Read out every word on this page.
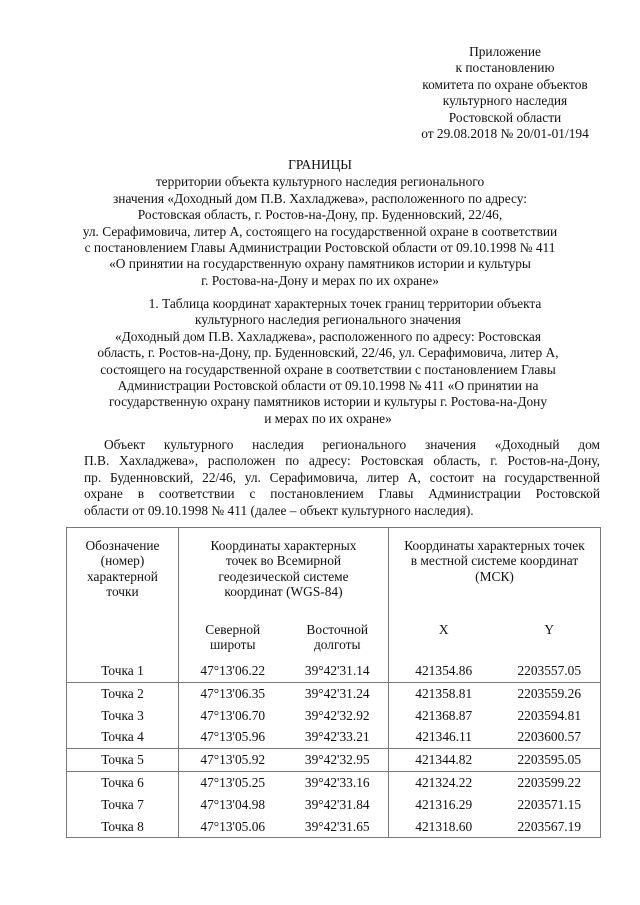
Приложение
к постановлению
комитета по охране объектов
культурного наследия
Ростовской области
от 29.08.2018 № 20/01-01/194
ГРАНИЦЫ
территории объекта культурного наследия регионального
значения «Доходный дом П.В. Хахладжева», расположенного по адресу:
Ростовская область, г. Ростов-на-Дону, пр. Буденновский, 22/46,
ул. Серафимовича, литер А, состоящего на государственной охране в соответствии
с постановлением Главы Администрации Ростовской области от 09.10.1998 № 411
«О принятии на государственную охрану памятников истории и культуры
г. Ростова-на-Дону и мерах по их охране»
1. Таблица координат характерных точек границ территории объекта
культурного наследия регионального значения
«Доходный дом П.В. Хахладжева», расположенного по адресу: Ростовская
область, г. Ростов-на-Дону, пр. Буденновский, 22/46, ул. Серафимовича, литер А,
состоящего на государственной охране в соответствии с постановлением Главы
Администрации Ростовской области от 09.10.1998 № 411 «О принятии на
государственную охрану памятников истории и культуры г. Ростова-на-Дону
и мерах по их охране»
Объект культурного наследия регионального значения «Доходный дом
П.В. Хахладжева», расположен по адресу: Ростовская область, г. Ростов-на-Дону,
пр. Буденновский, 22/46, ул. Серафимовича, литер А, состоит на государственной
охране в соответствии с постановлением Главы Администрации Ростовской
области от 09.10.1998 № 411 (далее – объект культурного наследия).
Обозначение (номер) характерной точки	Координаты характерных точек во Всемирной геодезической системе координат (WGS-84)		Координаты характерных точек в местной системе координат (МСК)	

	Северной широты	Восточной долготы	X	Y
Точка 1	47°13'06.22	39°42'31.14	421354.86	2203557.05
Точка 2	47°13'06.35	39°42'31.24	421358.81	2203559.26
Точка 3	47°13'06.70	39°42'32.92	421368.87	2203594.81
Точка 4	47°13'05.96	39°42'33.21	421346.11	2203600.57
Точка 5	47°13'05.92	39°42'32.95	421344.82	2203595.05
Точка 6	47°13'05.25	39°42'33.16	421324.22	2203599.22
Точка 7	47°13'04.98	39°42'31.84	421316.29	2203571.15
Точка 8	47°13'05.06	39°42'31.65	421318.60	2203567.19
